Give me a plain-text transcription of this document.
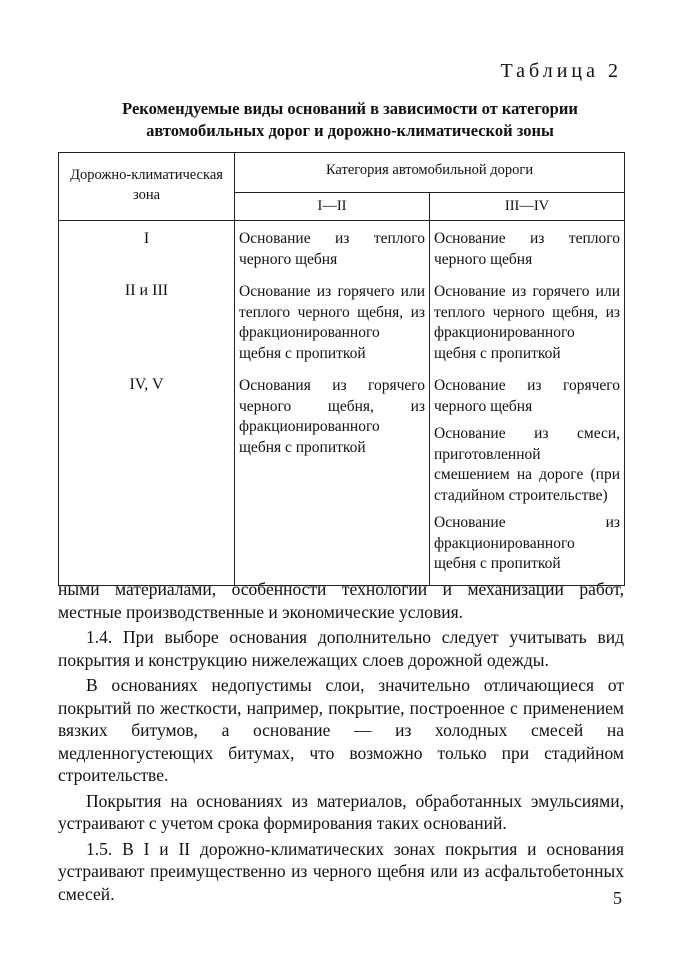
Таблица 2
Рекомендуемые виды оснований в зависимости от категории
автомобильных дорог и дорожно-климатической зоны
Дорожно-климатическая
зона	Категория автомобильной дороги	
	I—II	III—IV
I	Основание из теплого черного щебня	Основание из теплого черного щебня

II и III	Основание из горячего или теплого черного щебня, из фракционированного щебня с пропиткой	Основание из горячего или теплого черного щебня, из фракционированного щебня с пропиткой

IV, V	Основания из горячего черного щебня, из фракционированного щебня с пропиткой	Основание из горячего черного щебня
Основание из смеси, приготовленной смешением на дороге (при стадийном строительстве)
Основание из фракционированного щебня с пропиткой

ными материалами, особенности технологии и механизации работ, местные производственные и экономические условия.

1.4. При выборе основания дополнительно следует учитывать вид покрытия и конструкцию нижележащих слоев дорожной одежды.

В основаниях недопустимы слои, значительно отличающиеся от покрытий по жесткости, например, покрытие, построенное с применением вязких битумов, а основание — из холодных смесей на медленногустеющих битумах, что возможно только при стадийном строительстве.

Покрытия на основаниях из материалов, обработанных эмульсиями, устраивают с учетом срока формирования таких оснований.

1.5. В I и II дорожно-климатических зонах покрытия и основания устраивают преимущественно из черного щебня или из асфальтобетонных смесей.	5
